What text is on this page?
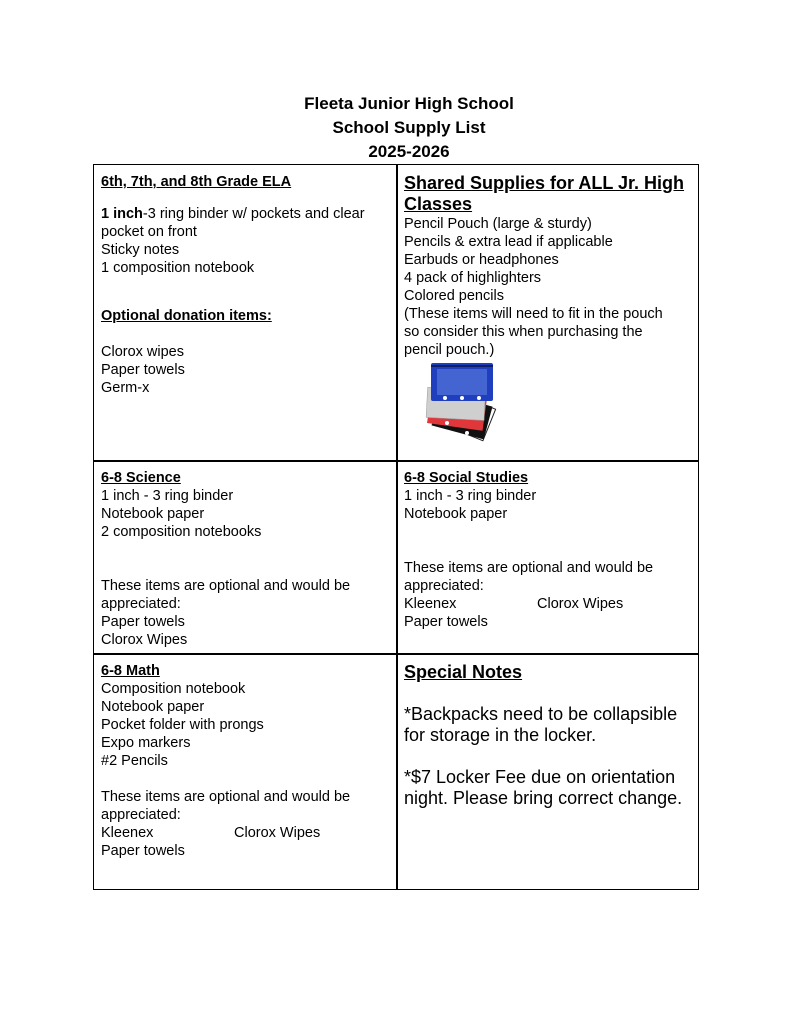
Fleeta Junior High School
School Supply List
2025-2026
6th, 7th, and 8th Grade ELA
1 inch-3 ring binder w/ pockets and clear
pocket on front
Sticky notes
1 composition notebook
Optional donation items:
Clorox wipes
Paper towels
Germ-x
Shared Supplies for ALL Jr. High
Classes
Pencil Pouch (large & sturdy)
Pencils & extra lead if applicable
Earbuds or headphones
4 pack of highlighters
Colored pencils
(These items will need to fit in the pouch
so consider this when purchasing the
pencil pouch.)
6-8 Science
1 inch - 3 ring binder
Notebook paper
2 composition notebooks
These items are optional and would be
appreciated:
Paper towels
Clorox Wipes
6-8 Social Studies
1 inch - 3 ring binder
Notebook paper
These items are optional and would be
appreciated:
Kleenex	Clorox Wipes
Paper towels
6-8 Math
Composition notebook
Notebook paper
Pocket folder with prongs
Expo markers
#2 Pencils
These items are optional and would be
appreciated:
Kleenex	Clorox Wipes
Paper towels
Special Notes
*Backpacks need to be collapsible
for storage in the locker.
*$7 Locker Fee due on orientation
night. Please bring correct change.
